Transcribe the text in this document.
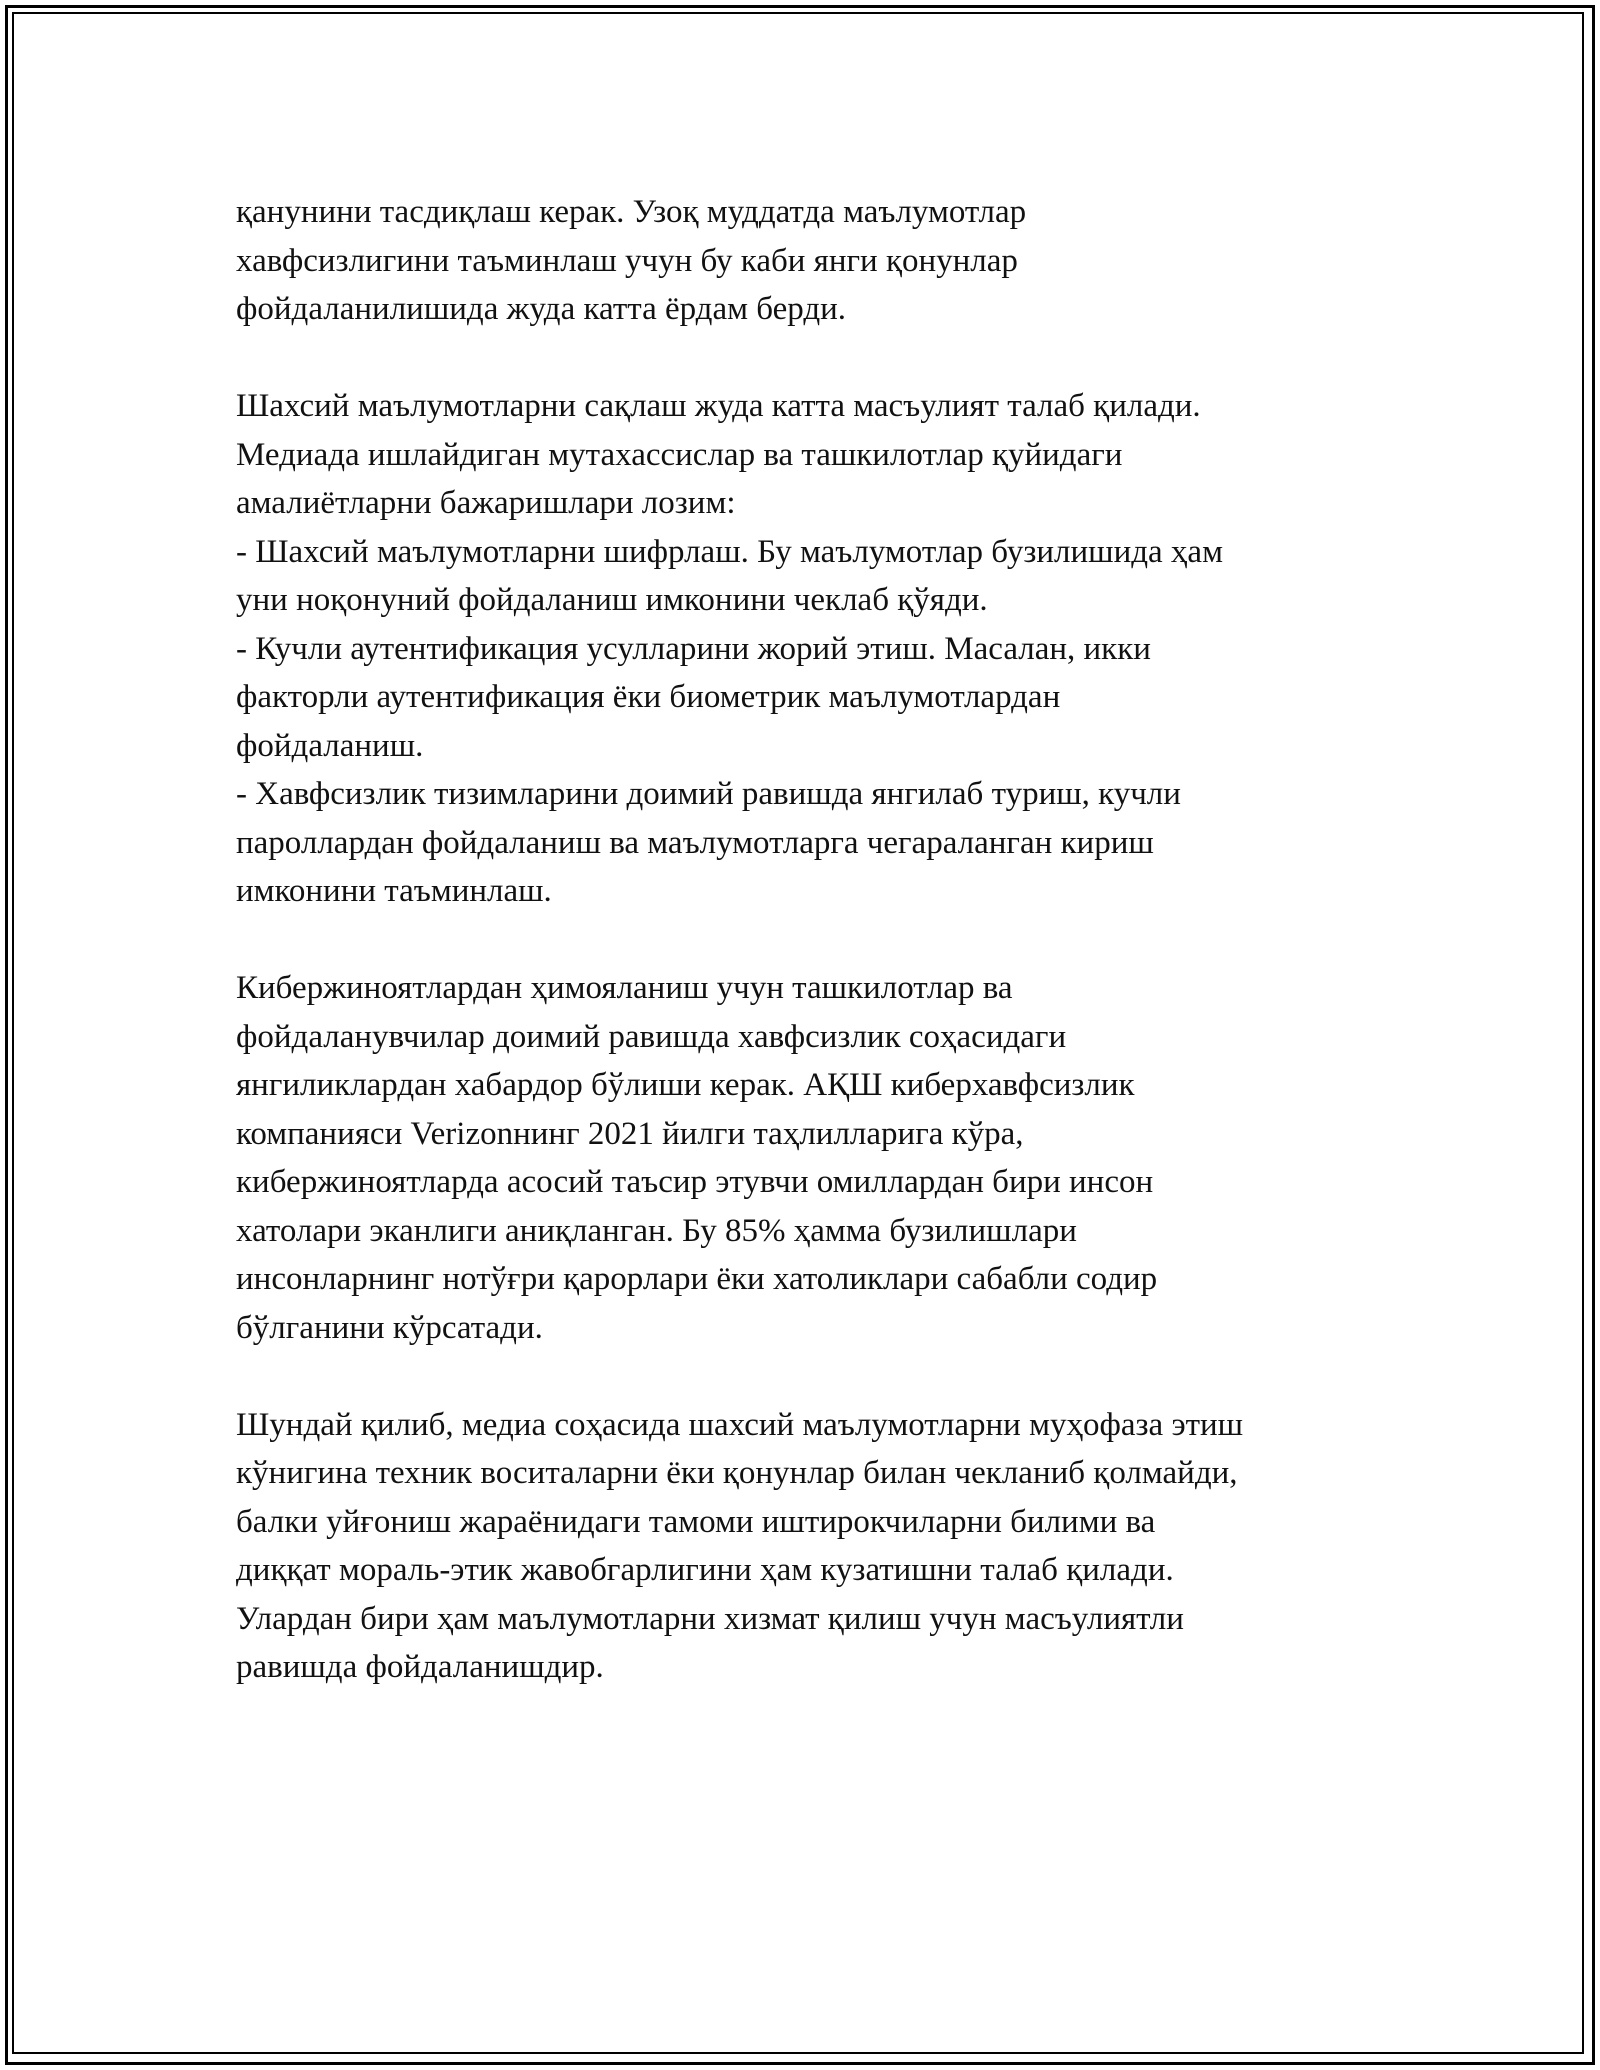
қанунини тасдиқлаш керак. Узоқ муддатда маълумотлар
хавфсизлигини таъминлаш учун бу каби янги қонунлар
фойдаланилишида жуда катта ёрдам берди.
Шахсий маълумотларни сақлаш жуда катта масъулият талаб қилади.
Медиада ишлайдиган мутахассислар ва ташкилотлар қуйидаги
амалиётларни бажаришлари лозим:
- Шахсий маълумотларни шифрлаш. Бу маълумотлар бузилишида ҳам
уни ноқонуний фойдаланиш имконини чеклаб қўяди.
- Кучли аутентификация усулларини жорий этиш. Масалан, икки
факторли аутентификация ёки биометрик маълумотлардан
фойдаланиш.
- Хавфсизлик тизимларини доимий равишда янгилаб туриш, кучли
пароллардан фойдаланиш ва маълумотларга чегараланган кириш
имконини таъминлаш.
Кибержиноятлардан ҳимояланиш учун ташкилотлар ва
фойдаланувчилар доимий равишда хавфсизлик соҳасидаги
янгиликлардан хабардор бўлиши керак. АҚШ киберхавфсизлик
компанияси Verizonнинг 2021 йилги таҳлилларига кўра,
кибержиноятларда асосий таъсир этувчи омиллардан бири инсон
хатолари эканлиги аниқланган. Бу 85% ҳамма бузилишлари
инсонларнинг нотўғри қарорлари ёки хатоликлари сабабли содир
бўлганини кўрсатади.
Шундай қилиб, медиа соҳасида шахсий маълумотларни муҳофаза этиш
кўнигина техник воситаларни ёки қонунлар билан чекланиб қолмайди,
балки уйғониш жараёнидаги тамоми иштирокчиларни билими ва
диққат мораль-этик жавобгарлигини ҳам кузатишни талаб қилади.
Улардан бири ҳам маълумотларни хизмат қилиш учун масъулиятли
равишда фойдаланишдир.
